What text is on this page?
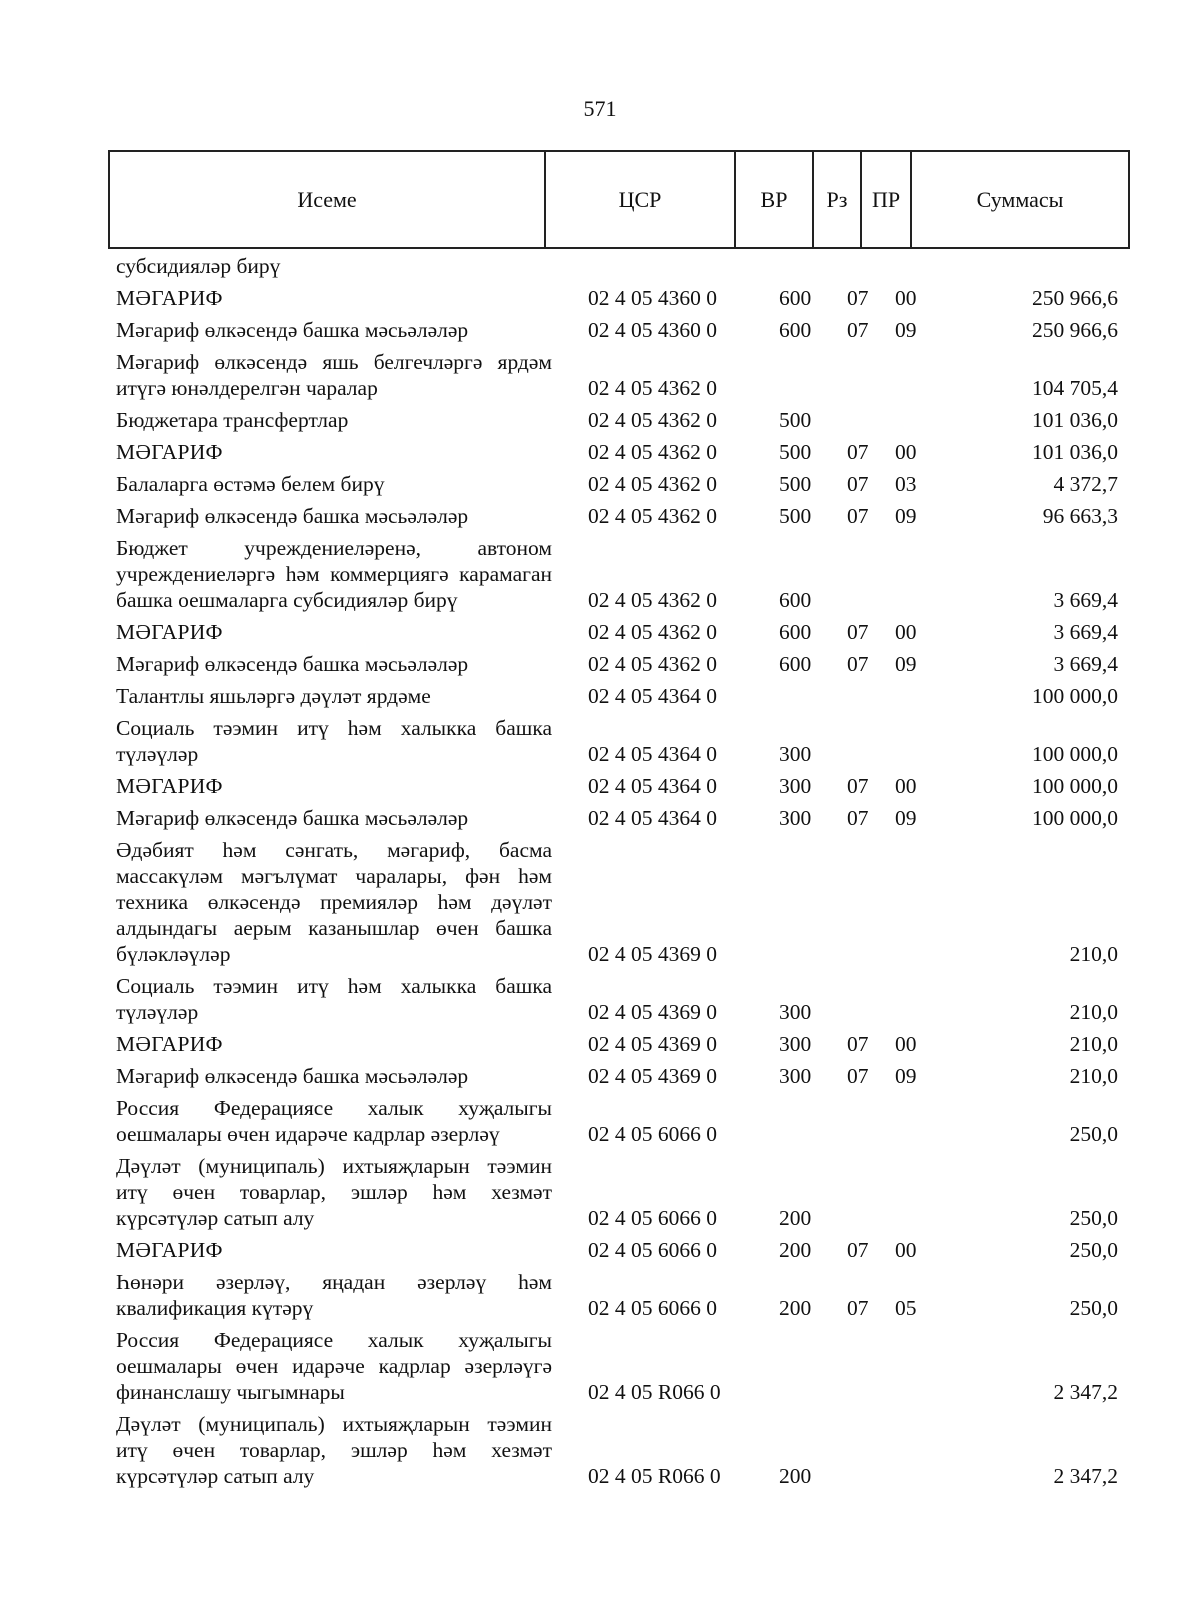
571
Исеме	ЦСР	ВР	Рз	ПР	Суммасы
субсидияләр бирү
МӘГАРИФ	02 4 05 4360 0	600 07 00	250 966,6
Мәгариф өлкәсендә башка мәсьәләләр	02 4 05 4360 0	600 07 09	250 966,6
Мәгариф өлкәсендә яшь белгечләргә ярдәм итүгә юнәлдерелгән чаралар	02 4 05 4362 0	104 705,4
Бюджетара трансфертлар	02 4 05 4362 0	500	101 036,0
МӘГАРИФ	02 4 05 4362 0	500 07 00	101 036,0
Балаларга өстәмә белем бирү	02 4 05 4362 0	500 07 03	4 372,7
Мәгариф өлкәсендә башка мәсьәләләр	02 4 05 4362 0	500 07 09	96 663,3
Бюджет учреждениеләренә, автоном учреждениеләргә һәм коммерциягә карамаган башка оешмаларга субсидияләр бирү	02 4 05 4362 0	600	3 669,4
МӘГАРИФ	02 4 05 4362 0	600 07 00	3 669,4
Мәгариф өлкәсендә башка мәсьәләләр	02 4 05 4362 0	600 07 09	3 669,4
Талантлы яшьләргә дәүләт ярдәме	02 4 05 4364 0	100 000,0
Социаль тәэмин итү һәм халыкка башка түләүләр	02 4 05 4364 0	300	100 000,0
МӘГАРИФ	02 4 05 4364 0	300 07 00	100 000,0
Мәгариф өлкәсендә башка мәсьәләләр	02 4 05 4364 0	300 07 09	100 000,0
Әдәбият һәм сәнгать, мәгариф, басма массакүләм мәгълүмат чаралары, фән һәм техника өлкәсендә премияләр һәм дәүләт алдындагы аерым казанышлар өчен башка бүләкләүләр	02 4 05 4369 0	210,0
Социаль тәэмин итү һәм халыкка башка түләүләр	02 4 05 4369 0	300	210,0
МӘГАРИФ	02 4 05 4369 0	300 07 00	210,0
Мәгариф өлкәсендә башка мәсьәләләр	02 4 05 4369 0	300 07 09	210,0
Россия Федерациясе халык хуҗалыгы оешмалары өчен идарәче кадрлар әзерләү	02 4 05 6066 0	250,0
Дәүләт (муниципаль) ихтыяҗларын тәэмин итү өчен товарлар, эшләр һәм хезмәт күрсәтүләр сатып алу	02 4 05 6066 0	200	250,0
МӘГАРИФ	02 4 05 6066 0	200 07 00	250,0
Һөнәри әзерләү, яңадан әзерләү һәм квалификация күтәрү	02 4 05 6066 0	200 07 05	250,0
Россия Федерациясе халык хуҗалыгы оешмалары өчен идарәче кадрлар әзерләүгә финанслашу чыгымнары	02 4 05 R066 0	2 347,2
Дәүләт (муниципаль) ихтыяҗларын тәэмин итү өчен товарлар, эшләр һәм хезмәт күрсәтүләр сатып алу	02 4 05 R066 0	200	2 347,2
